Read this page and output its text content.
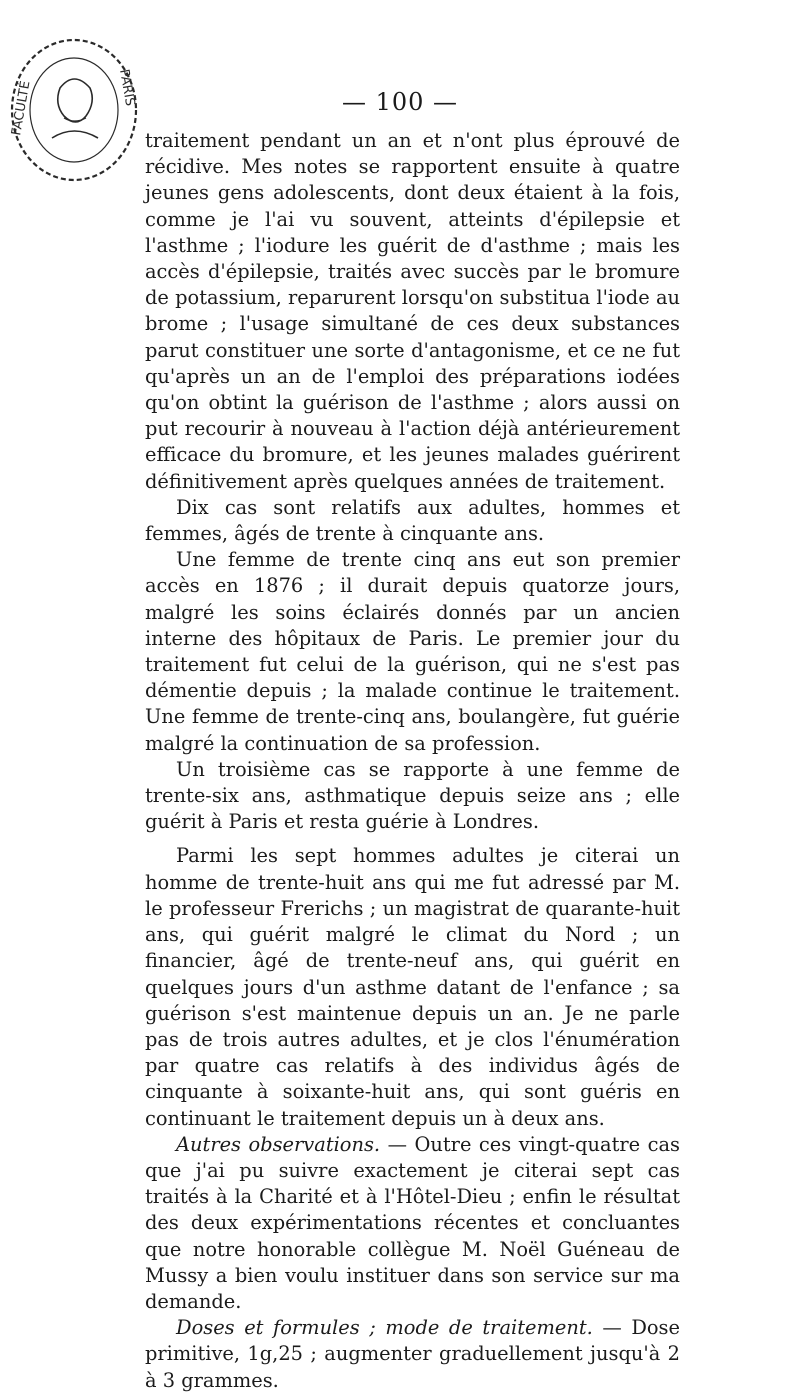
FACULTÉ	PARIS	— 100 —

traitement pendant un an et n'ont plus éprouvé de récidive. Mes notes se rapportent ensuite à quatre jeunes gens adolescents, dont deux étaient à la fois, comme je l'ai vu souvent, atteints d'épilepsie et l'asthme ; l'iodure les guérit de d'asthme ; mais les accès d'épilepsie, traités avec succès par le bromure de potassium, reparurent lorsqu'on substitua l'iode au brome ; l'usage simultané de ces deux substances parut constituer une sorte d'antagonisme, et ce ne fut qu'après un an de l'emploi des préparations iodées qu'on obtint la guérison de l'asthme ; alors aussi on put recourir à nouveau à l'action déjà antérieurement efficace du bromure, et les jeunes malades guérirent définitivement après quelques années de traitement.

Dix cas sont relatifs aux adultes, hommes et femmes, âgés de trente à cinquante ans.

Une femme de trente cinq ans eut son premier accès en 1876 ; il durait depuis quatorze jours, malgré les soins éclairés donnés par un ancien interne des hôpitaux de Paris. Le premier jour du traitement fut celui de la guérison, qui ne s'est pas démentie depuis ; la malade continue le traitement. Une femme de trente-cinq ans, boulangère, fut guérie malgré la continuation de sa profession.

Un troisième cas se rapporte à une femme de trente-six ans, asthmatique depuis seize ans ; elle guérit à Paris et resta guérie à Londres.

Parmi les sept hommes adultes je citerai un homme de trente-huit ans qui me fut adressé par M. le professeur Frerichs ; un magistrat de quarante-huit ans, qui guérit malgré le climat du Nord ; un financier, âgé de trente-neuf ans, qui guérit en quelques jours d'un asthme datant de l'enfance ; sa guérison s'est maintenue depuis un an. Je ne parle pas de trois autres adultes, et je clos l'énumération par quatre cas relatifs à des individus âgés de cinquante à soixante-huit ans, qui sont guéris en continuant le traitement depuis un à deux ans.

Autres observations. — Outre ces vingt-quatre cas que j'ai pu suivre exactement je citerai sept cas traités à la Charité et à l'Hôtel-Dieu ; enfin le résultat des deux expérimentations récentes et concluantes que notre honorable collègue M. Noël Guéneau de Mussy a bien voulu instituer dans son service sur ma demande.

Doses et formules ; mode de traitement. — Dose primitive, 1g,25 ; augmenter graduellement jusqu'à 2 à 3 grammes.
